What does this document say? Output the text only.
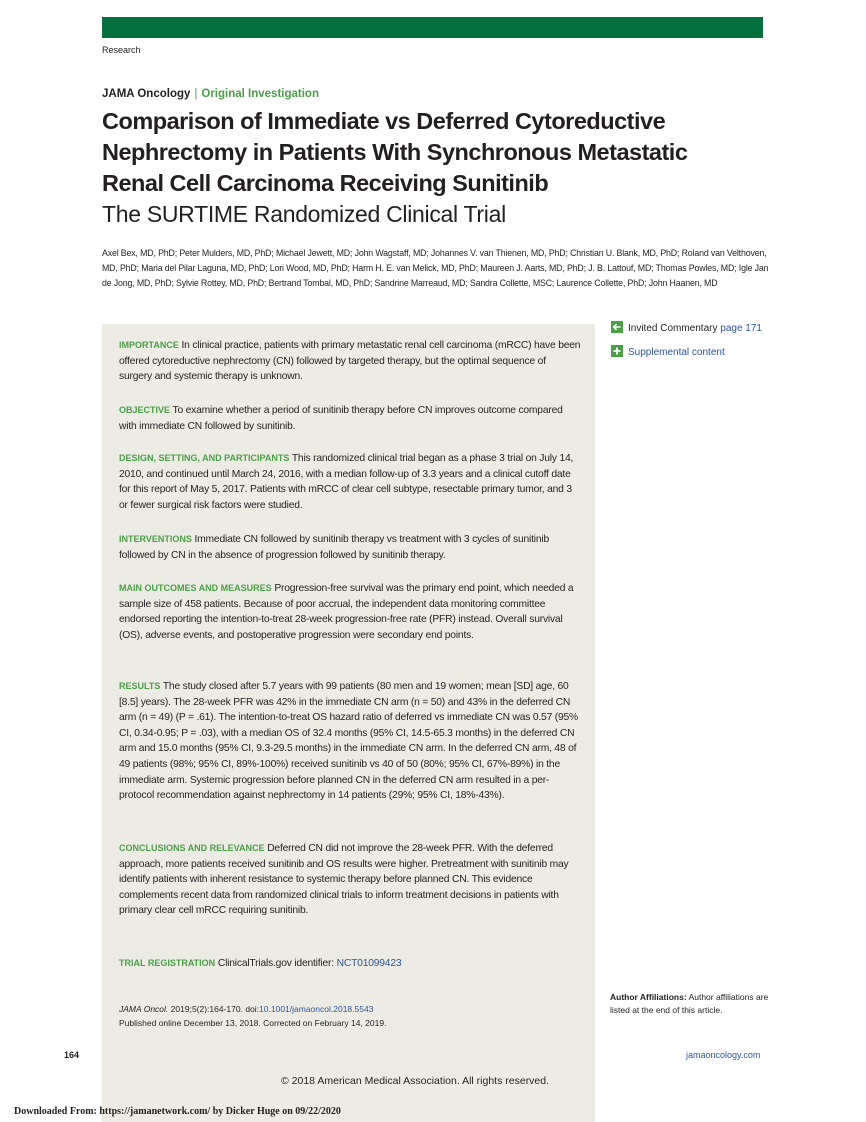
Research
JAMA Oncology | Original Investigation
Comparison of Immediate vs Deferred Cytoreductive Nephrectomy in Patients With Synchronous Metastatic Renal Cell Carcinoma Receiving Sunitinib
The SURTIME Randomized Clinical Trial
Axel Bex, MD, PhD; Peter Mulders, MD, PhD; Michael Jewett, MD; John Wagstaff, MD; Johannes V. van Thienen, MD, PhD; Christian U. Blank, MD, PhD; Roland van Velthoven, MD, PhD; Maria del Pilar Laguna, MD, PhD; Lori Wood, MD, PhD; Harm H. E. van Melick, MD, PhD; Maureen J. Aarts, MD, PhD; J. B. Lattouf, MD; Thomas Powles, MD; Igle Jan de Jong, MD, PhD; Sylvie Rottey, MD, PhD; Bertrand Tombal, MD, PhD; Sandrine Marreaud, MD; Sandra Collette, MSC; Laurence Collette, PhD; John Haanen, MD
IMPORTANCE In clinical practice, patients with primary metastatic renal cell carcinoma (mRCC) have been offered cytoreductive nephrectomy (CN) followed by targeted therapy, but the optimal sequence of surgery and systemic therapy is unknown.
OBJECTIVE To examine whether a period of sunitinib therapy before CN improves outcome compared with immediate CN followed by sunitinib.
DESIGN, SETTING, AND PARTICIPANTS This randomized clinical trial began as a phase 3 trial on July 14, 2010, and continued until March 24, 2016, with a median follow-up of 3.3 years and a clinical cutoff date for this report of May 5, 2017. Patients with mRCC of clear cell subtype, resectable primary tumor, and 3 or fewer surgical risk factors were studied.
INTERVENTIONS Immediate CN followed by sunitinib therapy vs treatment with 3 cycles of sunitinib followed by CN in the absence of progression followed by sunitinib therapy.
MAIN OUTCOMES AND MEASURES Progression-free survival was the primary end point, which needed a sample size of 458 patients. Because of poor accrual, the independent data monitoring committee endorsed reporting the intention-to-treat 28-week progression-free rate (PFR) instead. Overall survival (OS), adverse events, and postoperative progression were secondary end points.
RESULTS The study closed after 5.7 years with 99 patients (80 men and 19 women; mean [SD] age, 60 [8.5] years). The 28-week PFR was 42% in the immediate CN arm (n = 50) and 43% in the deferred CN arm (n = 49) (P = .61). The intention-to-treat OS hazard ratio of deferred vs immediate CN was 0.57 (95% CI, 0.34-0.95; P = .03), with a median OS of 32.4 months (95% CI, 14.5-65.3 months) in the deferred CN arm and 15.0 months (95% CI, 9.3-29.5 months) in the immediate CN arm. In the deferred CN arm, 48 of 49 patients (98%; 95% CI, 89%-100%) received sunitinib vs 40 of 50 (80%; 95% CI, 67%-89%) in the immediate arm. Systemic progression before planned CN in the deferred CN arm resulted in a per-protocol recommendation against nephrectomy in 14 patients (29%; 95% CI, 18%-43%).
CONCLUSIONS AND RELEVANCE Deferred CN did not improve the 28-week PFR. With the deferred approach, more patients received sunitinib and OS results were higher. Pretreatment with sunitinib may identify patients with inherent resistance to systemic therapy before planned CN. This evidence complements recent data from randomized clinical trials to inform treatment decisions in patients with primary clear cell mRCC requiring sunitinib.
TRIAL REGISTRATION ClinicalTrials.gov identifier: NCT01099423
Invited Commentary page 171
Supplemental content
Author Affiliations: Author affiliations are listed at the end of this article.
JAMA Oncol. 2019;5(2):164-170. doi:10.1001/jamaoncol.2018.5543
Published online December 13, 2018. Corrected on February 14, 2019.
164	jamaoncology.com
© 2018 American Medical Association. All rights reserved.
Downloaded From: https://jamanetwork.com/ by Dicker Huge on 09/22/2020
